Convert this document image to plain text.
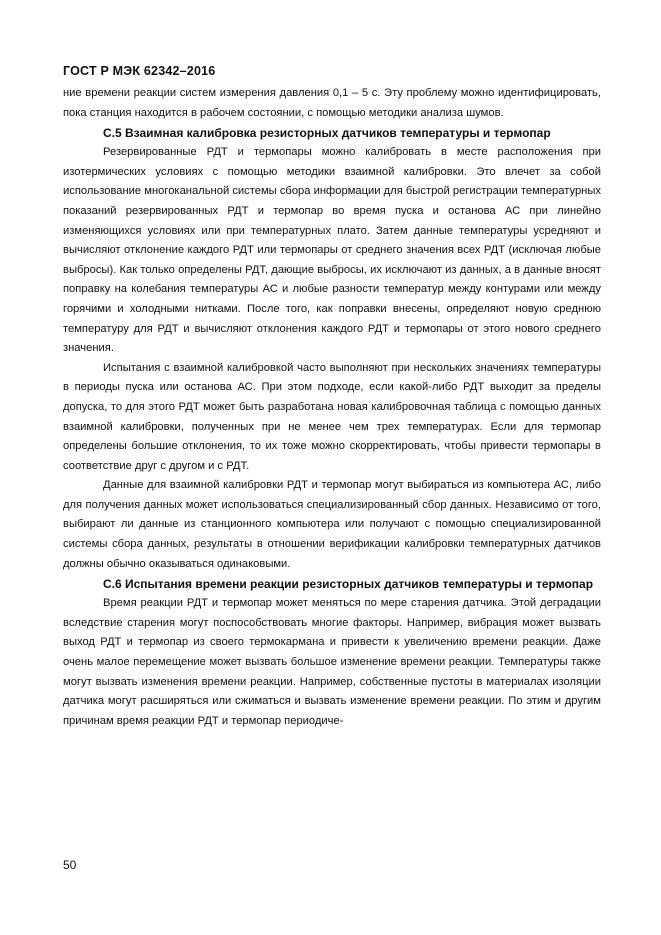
ГОСТ Р МЭК 62342–2016

ние времени реакции систем измерения давления 0,1 – 5 с. Эту проблему можно идентифицировать, пока станция находится в рабочем состоянии, с помощью методики анализа шумов.

С.5 Взаимная калибровка резисторных датчиков температуры и термопар

Резервированные РДТ и термопары можно калибровать в месте расположения при изотермических условиях с помощью методики взаимной калибровки. Это влечет за собой использование многоканальной системы сбора информации для быстрой регистрации температурных показаний резервированных РДТ и термопар во время пуска и останова АС при линейно изменяющихся условиях или при температурных плато. Затем данные температуры усредняют и вычисляют отклонение каждого РДТ или термопары от среднего значения всех РДТ (исключая любые выбросы). Как только определены РДТ, дающие выбросы, их исключают из данных, а в данные вносят поправку на колебания температуры АС и любые разности температур между контурами или между горячими и холодными нитками. После того, как поправки внесены, определяют новую среднюю температуру для РДТ и вычисляют отклонения каждого РДТ и термопары от этого нового среднего значения.

Испытания с взаимной калибровкой часто выполняют при нескольких значениях температуры в периоды пуска или останова АС. При этом подходе, если какой-либо РДТ выходит за пределы допуска, то для этого РДТ может быть разработана новая калибровочная таблица с помощью данных взаимной калибровки, полученных при не менее чем трех температурах. Если для термопар определены большие отклонения, то их тоже можно скорректировать, чтобы привести термопары в соответствие друг с другом и с РДТ.

Данные для взаимной калибровки РДТ и термопар могут выбираться из компьютера АС, либо для получения данных может использоваться специализированный сбор данных. Независимо от того, выбирают ли данные из станционного компьютера или получают с помощью специализированной системы сбора данных, результаты в отношении верификации калибровки температурных датчиков должны обычно оказываться одинаковыми.

С.6 Испытания времени реакции резисторных датчиков температуры и термопар

Время реакции РДТ и термопар может меняться по мере старения датчика. Этой деградации вследствие старения могут поспособствовать многие факторы. Например, вибрация может вызвать выход РДТ и термопар из своего термокармана и привести к увеличению времени реакции. Даже очень малое перемещение может вызвать большое изменение времени реакции. Температуры также могут вызвать изменения времени реакции. Например, собственные пустоты в материалах изоляции датчика могут расширяться или сжиматься и вызвать изменение времени реакции. По этим и другим причинам время реакции РДТ и термопар периодиче-

50
